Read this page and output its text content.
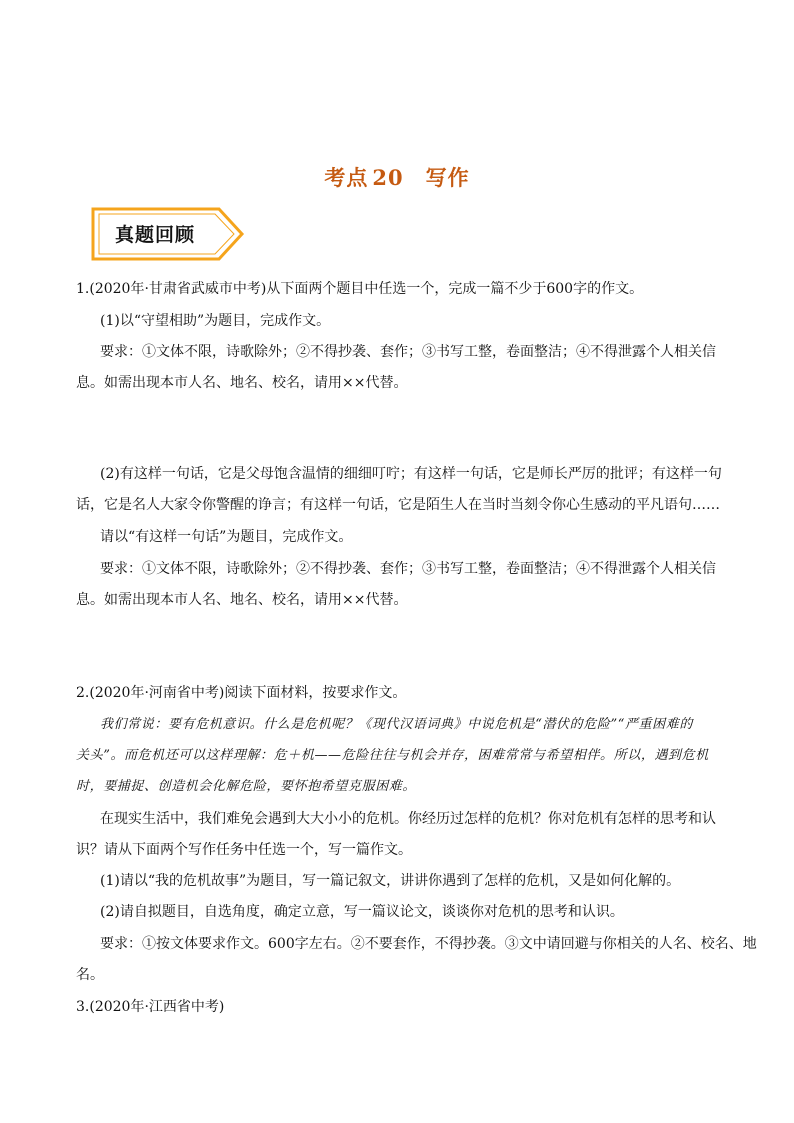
考点 20 写作
真题回顾
1.(2020年·甘肃省武威市中考)从下面两个题目中任选一个，完成一篇不少于600字的作文。
(1)以“守望相助”为题目，完成作文。
要求：①文体不限，诗歌除外；②不得抄袭、套作；③书写工整，卷面整洁；④不得泄露个人相关信
息。如需出现本市人名、地名、校名，请用××代替。
(2)有这样一句话，它是父母饱含温情的细细叮咛；有这样一句话，它是师长严厉的批评；有这样一句
话，它是名人大家令你警醒的诤言；有这样一句话，它是陌生人在当时当刻令你心生感动的平凡语句……
请以“有这样一句话”为题目，完成作文。
要求：①文体不限，诗歌除外；②不得抄袭、套作；③书写工整，卷面整洁；④不得泄露个人相关信
息。如需出现本市人名、地名、校名，请用××代替。
2.(2020年·河南省中考)阅读下面材料，按要求作文。
我们常说：要有危机意识。什么是危机呢？《现代汉语词典》中说危机是“潜伏的危险”“严重困难的
关头”。而危机还可以这样理解：危＋机——危险往往与机会并存，困难常常与希望相伴。所以，遇到危机
时，要捕捉、创造机会化解危险，要怀抱希望克服困难。
在现实生活中，我们难免会遇到大大小小的危机。你经历过怎样的危机？你对危机有怎样的思考和认
识？请从下面两个写作任务中任选一个，写一篇作文。
(1)请以“我的危机故事”为题目，写一篇记叙文，讲讲你遇到了怎样的危机，又是如何化解的。
(2)请自拟题目，自选角度，确定立意，写一篇议论文，谈谈你对危机的思考和认识。
要求：①按文体要求作文。600字左右。②不要套作，不得抄袭。③文中请回避与你相关的人名、校名、地
名。
3.(2020年·江西省中考)
